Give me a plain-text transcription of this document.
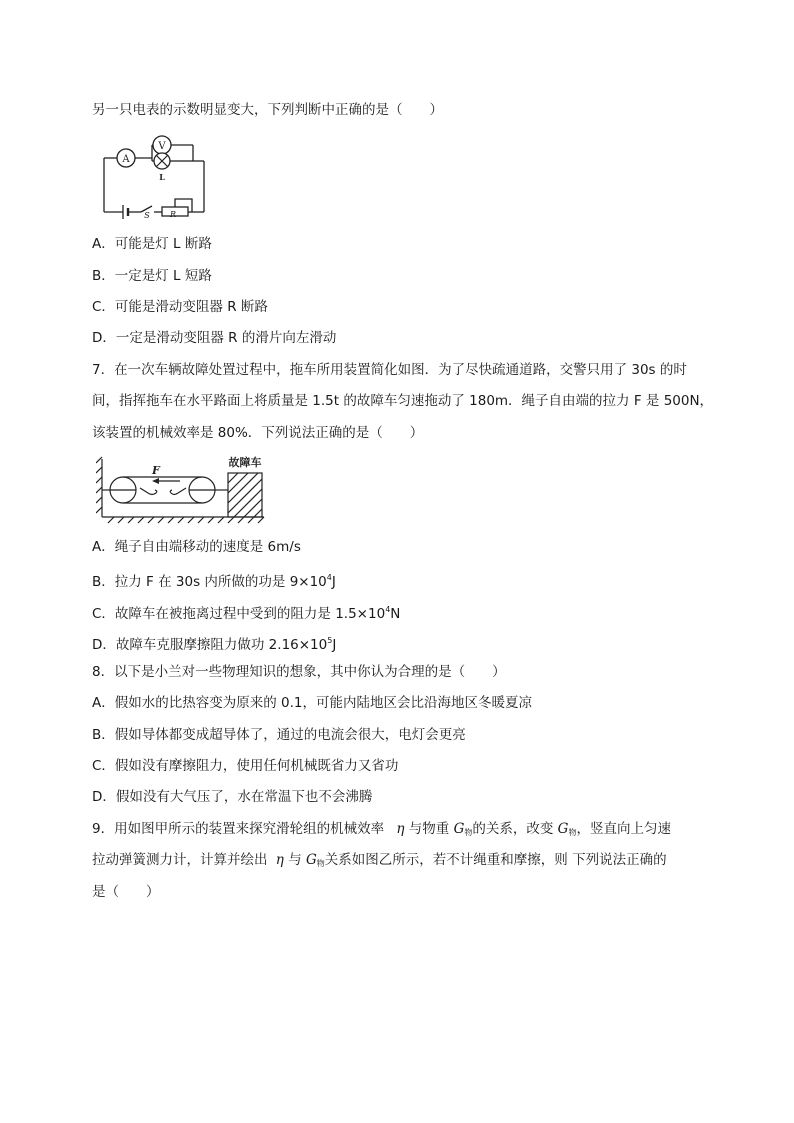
另一只电表的示数明显变大，下列判断中正确的是（　　）
A
V
L
S	R
A．可能是灯 L 断路
B．一定是灯 L 短路
C．可能是滑动变阻器 R 断路
D．一定是滑动变阻器 R 的滑片向左滑动
7．在一次车辆故障处置过程中，拖车所用装置简化如图．为了尽快疏通道路，交警只用了 30s 的时
间，指挥拖车在水平路面上将质量是 1.5t 的故障车匀速拖动了 180m．绳子自由端的拉力 F 是 500N，
该装置的机械效率是 80%．下列说法正确的是（　　）
F
故障车
A．绳子自由端移动的速度是 6m/s
B．拉力 F 在 30s 内所做的功是 $9\times 10^4J$
C．故障车在被拖离过程中受到的阻力是 $1.5\times 10^4N$
D．故障车克服摩擦阻力做功 $2.16\times 10^5J$
8．以下是小兰对一些物理知识的想象，其中你认为合理的是（　　）
A．假如水的比热容变为原来的 0.1，可能内陆地区会比沿海地区冬暖夏凉
B．假如导体都变成超导体了，通过的电流会很大，电灯会更亮
C．假如没有摩擦阻力，使用任何机械既省力又省功
D．假如没有大气压了，水在常温下也不会沸腾
9．用如图甲所示的装置来探究滑轮组的机械效率 η 与物重 G物的关系，改变 G物，竖直向上匀速
拉动弹簧测力计，计算并绘出 η 与 G物关系如图乙所示，若不计绳重和摩擦，则 下列说法正确的
是（　　）
